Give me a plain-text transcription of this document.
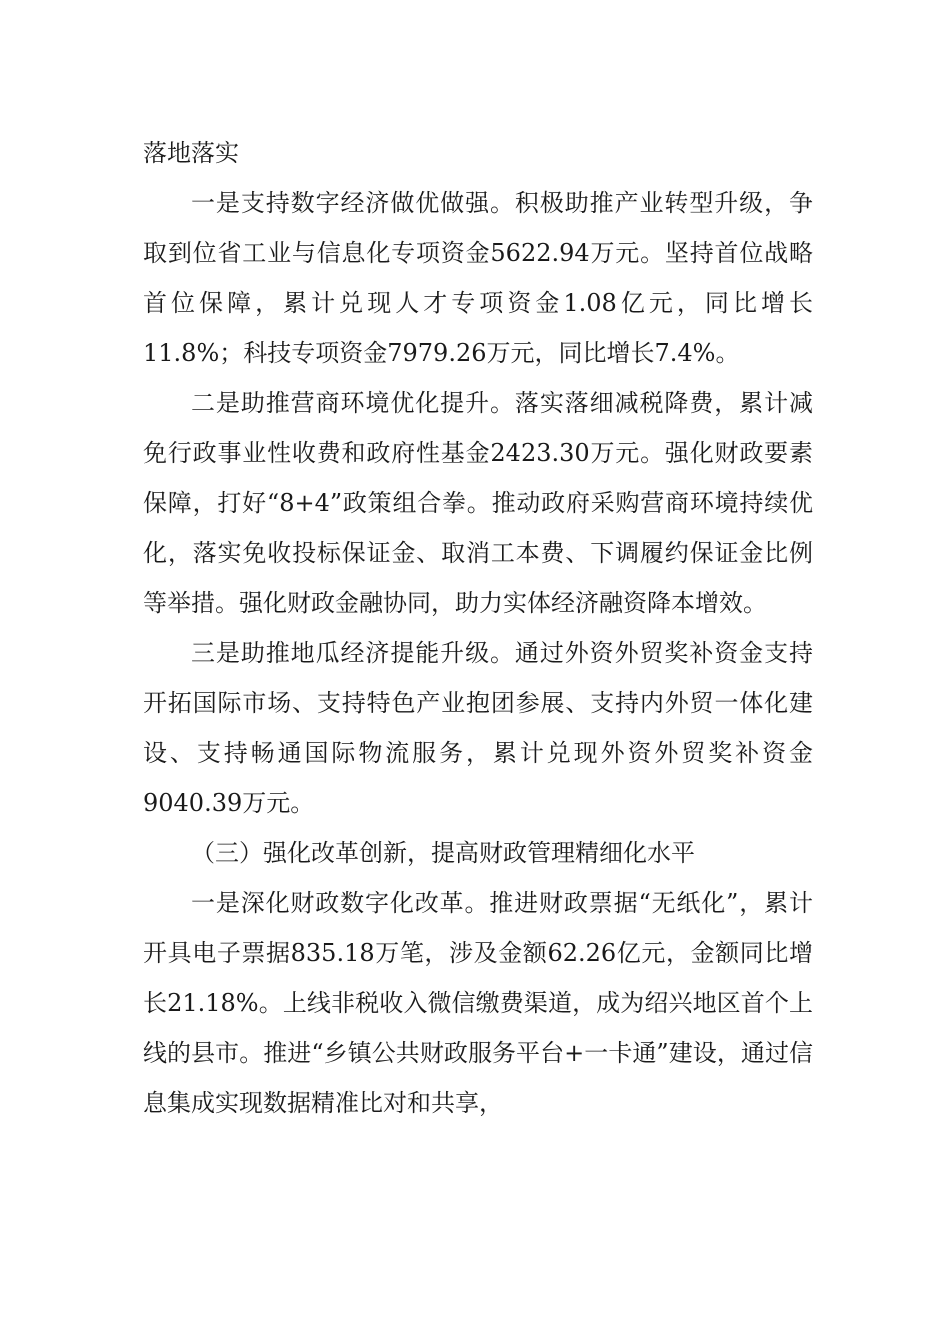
落地落实

一是支持数字经济做优做强。积极助推产业转型升级，争取到位省工业与信息化专项资金5622.94万元。坚持首位战略首位保障，累计兑现人才专项资金1.08亿元，同比增长11.8%；科技专项资金7979.26万元，同比增长7.4%。

二是助推营商环境优化提升。落实落细减税降费，累计减免行政事业性收费和政府性基金2423.30万元。强化财政要素保障，打好“8+4”政策组合拳。推动政府采购营商环境持续优化，落实免收投标保证金、取消工本费、下调履约保证金比例等举措。强化财政金融协同，助力实体经济融资降本增效。

三是助推地瓜经济提能升级。通过外资外贸奖补资金支持开拓国际市场、支持特色产业抱团参展、支持内外贸一体化建设、支持畅通国际物流服务，累计兑现外资外贸奖补资金9040.39万元。

（三）强化改革创新，提高财政管理精细化水平

一是深化财政数字化改革。推进财政票据“无纸化”，累计开具电子票据835.18万笔，涉及金额62.26亿元，金额同比增长21.18%。上线非税收入微信缴费渠道，成为绍兴地区首个上线的县市。推进“乡镇公共财政服务平台+一卡通”建设，通过信息集成实现数据精准比对和共享，
